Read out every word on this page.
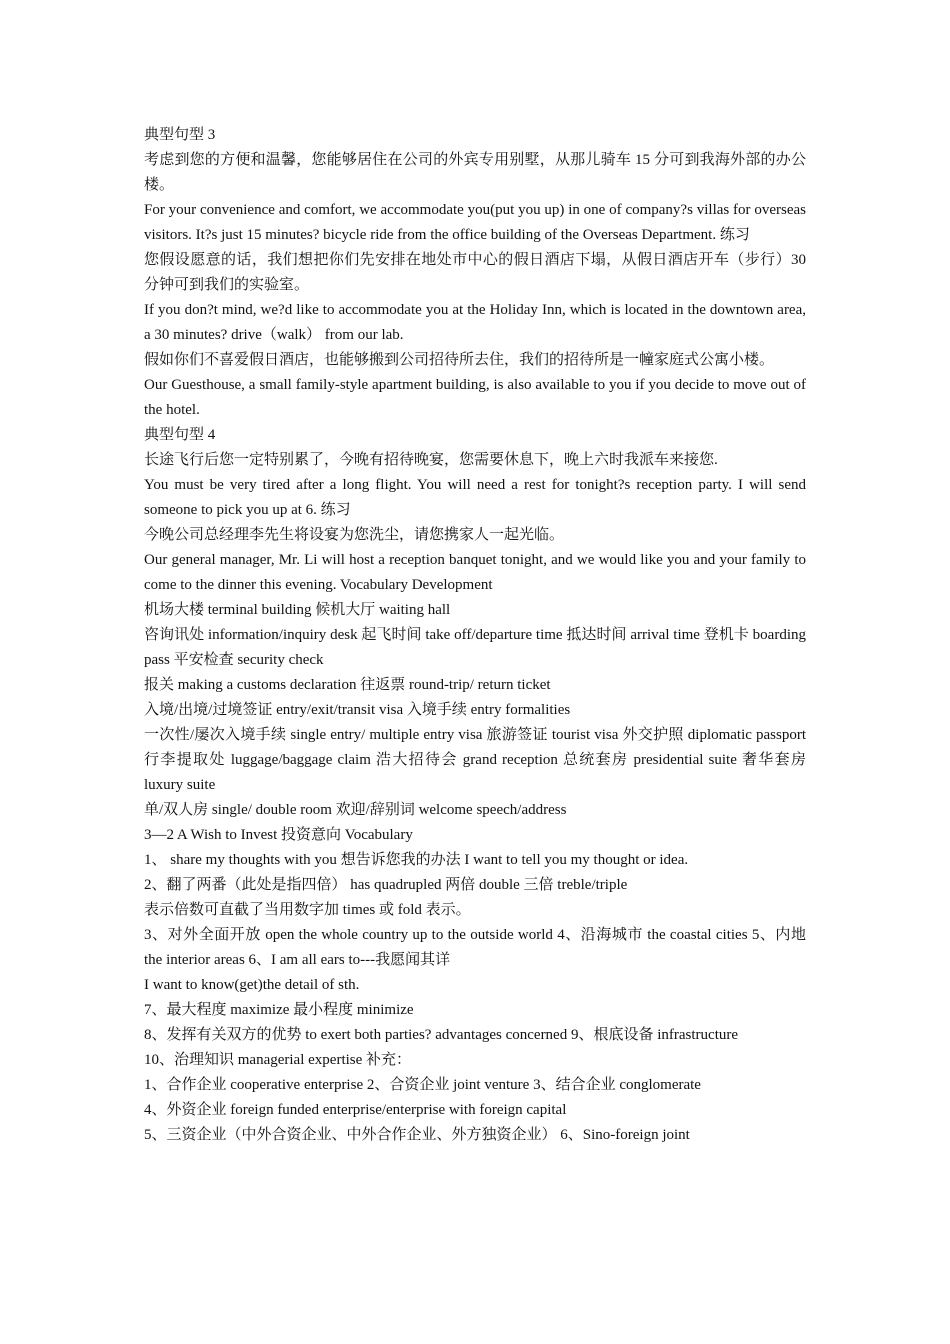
典型句型 3

考虑到您的方便和温馨，您能够居住在公司的外宾专用别墅，从那儿骑车 15 分可到我海外部的办公楼。

For your convenience and comfort, we accommodate you(put you up) in one of company?s villas for overseas visitors. It?s just 15 minutes? bicycle ride from the office building of the Overseas Department. 练习

您假设愿意的话，我们想把你们先安排在地处市中心的假日酒店下塌，从假日酒店开车（步行）30 分钟可到我们的实验室。

If you don?t mind, we?d like to accommodate you at the Holiday Inn, which is located in the downtown area, a 30 minutes? drive（walk） from our lab.

假如你们不喜爱假日酒店，也能够搬到公司招待所去住，我们的招待所是一幢家庭式公寓小楼。

Our Guesthouse, a small family-style apartment building, is also available to you if you decide to move out of the hotel.

典型句型 4

长途飞行后您一定特别累了，今晚有招待晚宴，您需要休息下，晚上六时我派车来接您.

You must be very tired after a long flight. You will need a rest for tonight?s reception party. I will send someone to pick you up at 6. 练习

今晚公司总经理李先生将设宴为您洗尘，请您携家人一起光临。

Our general manager, Mr. Li will host a reception banquet tonight, and we would like you and your family to come to the dinner this evening. Vocabulary Development

机场大楼 terminal building 候机大厅 waiting hall

咨询讯处 information/inquiry desk 起飞时间 take off/departure time 抵达时间 arrival time 登机卡 boarding pass 平安检查 security check

报关 making a customs declaration 往返票 round-trip/ return ticket

入境/出境/过境签证 entry/exit/transit visa 入境手续 entry formalities

一次性/屡次入境手续 single entry/ multiple entry visa 旅游签证 tourist visa 外交护照 diplomatic passport 行李提取处 luggage/baggage claim 浩大招待会 grand reception 总统套房 presidential suite 奢华套房 luxury suite

单/双人房 single/ double room 欢迎/辞别词 welcome speech/address

3—2 A Wish to Invest 投资意向 Vocabulary

1、 share my thoughts with you 想告诉您我的办法 I want to tell you my thought or idea.

2、翻了两番（此处是指四倍） has quadrupled 两倍 double 三倍 treble/triple

表示倍数可直截了当用数字加 times 或 fold 表示。

3、对外全面开放 open the whole country up to the outside world 4、沿海城市 the coastal cities 5、内地 the interior areas 6、I am all ears to---我愿闻其详

I want to know(get)the detail of sth.

7、最大程度 maximize 最小程度 minimize

8、发挥有关双方的优势 to exert both parties? advantages concerned 9、根底设备 infrastructure

10、治理知识 managerial expertise 补充：

1、合作企业 cooperative enterprise 2、合资企业 joint venture 3、结合企业 conglomerate

4、外资企业 foreign funded enterprise/enterprise with foreign capital

5、三资企业（中外合资企业、中外合作企业、外方独资企业） 6、Sino-foreign joint
